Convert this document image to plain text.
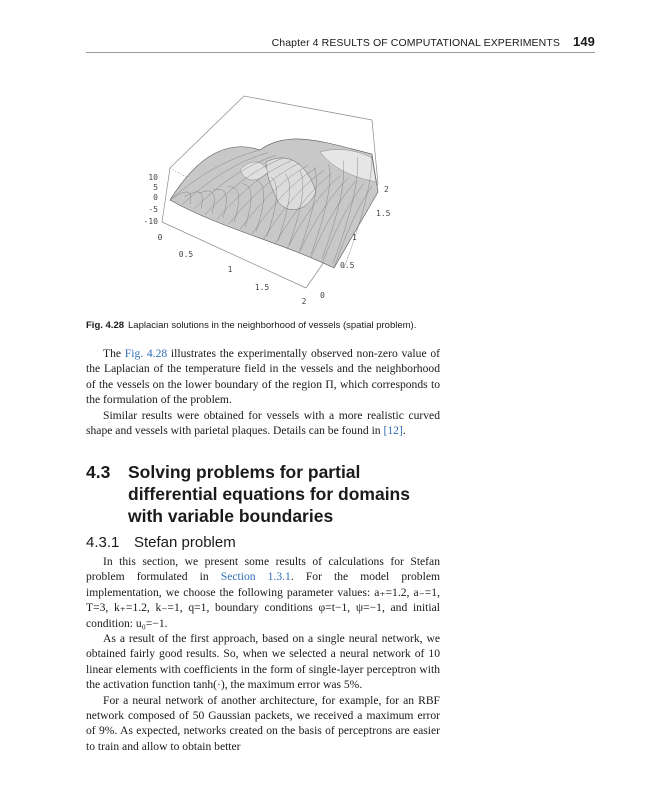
Chapter 4 RESULTS OF COMPUTATIONAL EXPERIMENTS 149
10
5
0
-5
-10
0
0.5
1
1.5
2
0
0.5
1
1.5
2
Fig. 4.28 Laplacian solutions in the neighborhood of vessels (spatial problem).

The Fig. 4.28 illustrates the experimentally observed non-zero value of the Laplacian of the temperature field in the vessels and the neighborhood of the vessels on the lower boundary of the region Π, which corresponds to the formulation of the problem.

Similar results were obtained for vessels with a more realistic curved shape and vessels with parietal plaques. Details can be found in [12].

4.3 Solving problems for partial differential equations for domains with variable boundaries
4.3.1 Stefan problem

In this section, we present some results of calculations for Stefan problem formulated in Section 1.3.1. For the model problem implementation, we choose the following parameter values: a₊=1.2, a₋=1, T=3, k₊=1.2, k₋=1, q=1, boundary conditions φ=t−1, ψ=−1, and initial condition: u₀=−1.

As a result of the first approach, based on a single neural network, we obtained fairly good results. So, when we selected a neural network of 10 linear elements with coefficients in the form of single-layer perceptron with the activation function tanh(·), the maximum error was 5%.

For a neural network of another architecture, for example, for an RBF network composed of 50 Gaussian packets, we received a maximum error of 9%. As expected, networks created on the basis of perceptrons are easier to train and allow to obtain better
